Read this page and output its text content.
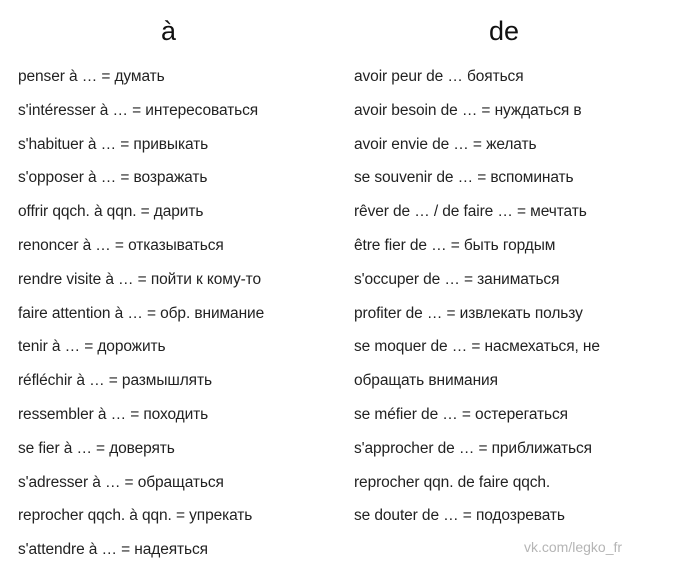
à	de
penser à … = думать
s'intéresser à … = интересоваться
s'habituer à … = привыкать
s'opposer à … = возражать
offrir qqch. à qqn. = дарить
renoncer à … = отказываться
rendre visite à … = пойти к кому-то
faire attention à … = обр. внимание
tenir à … = дорожить
réfléchir à … = размышлять
ressembler à … = походить
se fier à … = доверять
s'adresser à … = обращаться
reprocher qqch. à qqn. = упрекать
s'attendre à … = надеяться
avoir peur de … бояться
avoir besoin de … = нуждаться в
avoir envie de … = желать
se souvenir de … = вспоминать
rêver de … / de faire … = мечтать
être fier de … = быть гордым
s'occuper de … = заниматься
profiter de … = извлекать пользу
se moquer de … = насмехаться, не
обращать внимания
se méfier de … = остерегаться
s'approcher de … = приближаться
reprocher qqn. de faire qqch.
se douter de … = подозревать
vk.com/legko_fr
